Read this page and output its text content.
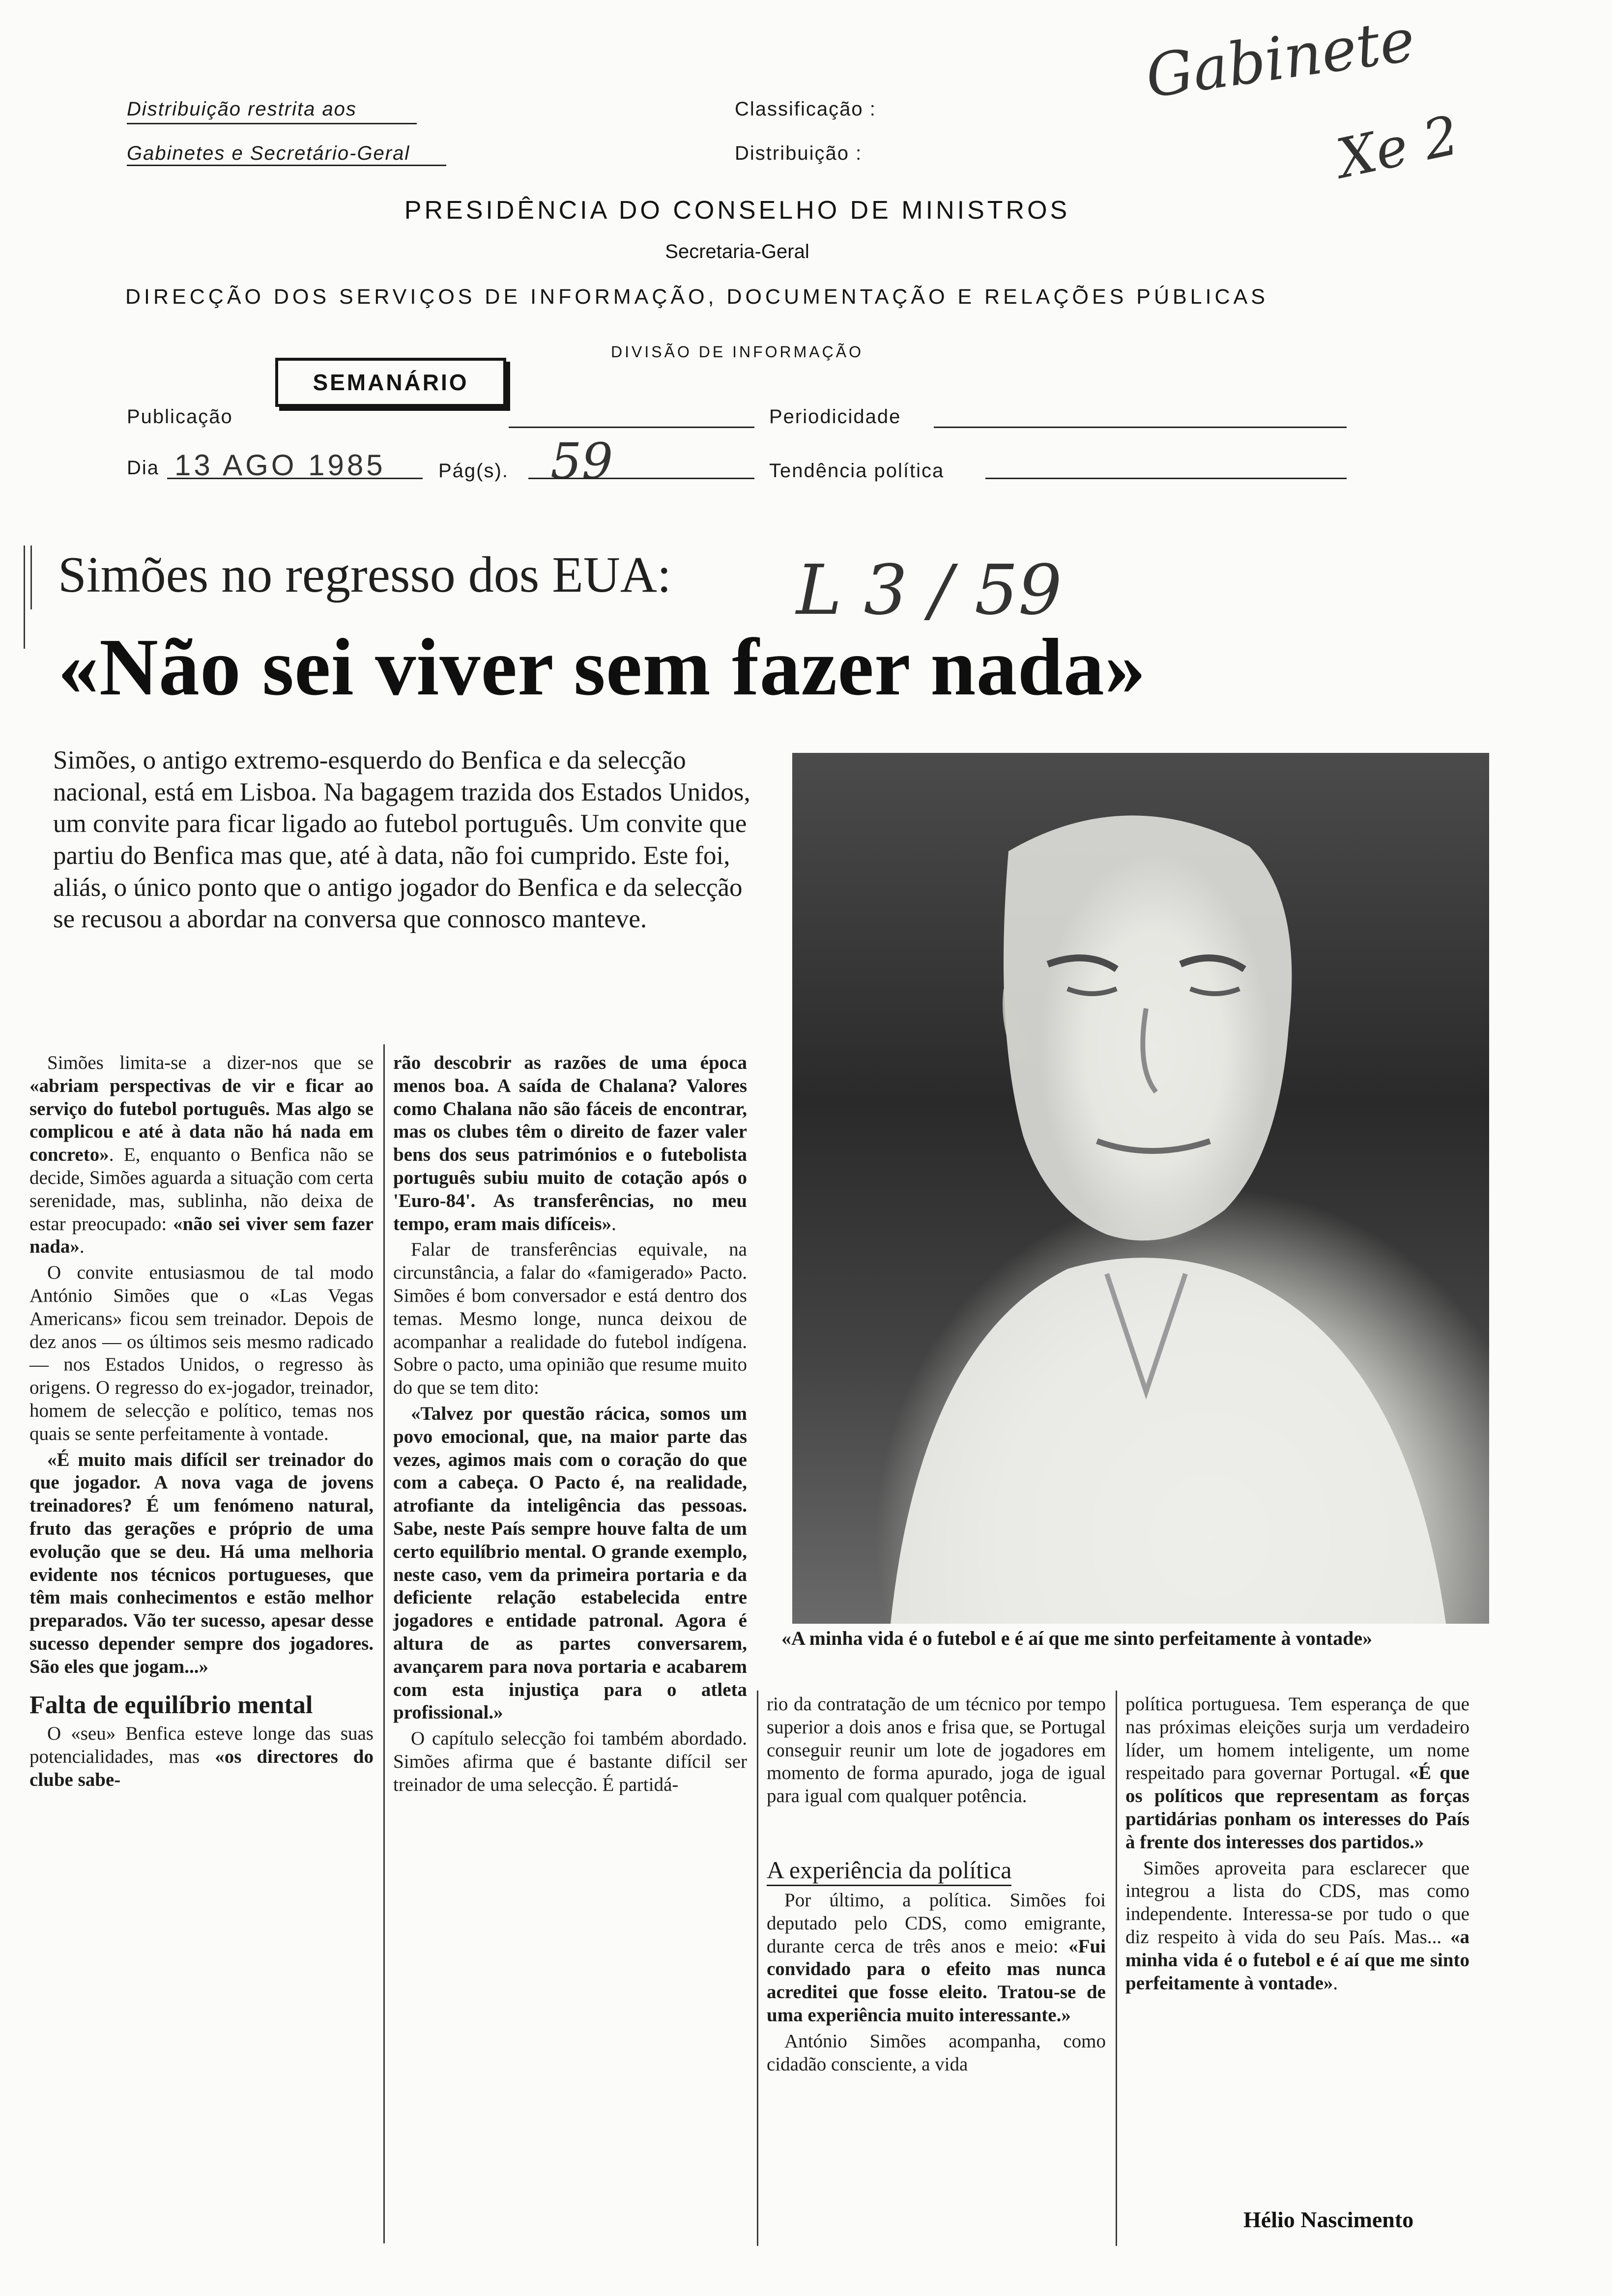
Distribuição restrita aos
Gabinetes e Secretário-Geral
Classificação :
Distribuição :
PRESIDÊNCIA DO CONSELHO DE MINISTROS
Secretaria-Geral
DIRECÇÃO DOS SERVIÇOS DE INFORMAÇÃO, DOCUMENTAÇÃO E RELAÇÕES PÚBLICAS
DIVISÃO DE INFORMAÇÃO
SEMANÁRIO
Publicação	Periodicidade
Dia 13 AGO 1985	Pág(s). 59	Tendência política
Gabinete
Xe 2
Simões no regresso dos EUA: L 3 / 59
«Não sei viver sem fazer nada»

Simões, o antigo extremo-esquerdo do Benfica e da selecção nacional, está em Lisboa. Na bagagem trazida dos Estados Unidos, um convite para ficar ligado ao futebol português. Um convite que partiu do Benfica mas que, até à data, não foi cumprido. Este foi, aliás, o único ponto que o antigo jogador do Benfica e da selecção se recusou a abordar na conversa que connosco manteve.

«A minha vida é o futebol e é aí que me sinto perfeitamente à vontade»

Simões limita-se a dizer-nos que se «abriam perspectivas de vir e ficar ao serviço do futebol português. Mas algo se complicou e até à data não há nada em concreto». E, enquanto o Benfica não se decide, Simões aguarda a situação com certa serenidade, mas, sublinha, não deixa de estar preocupado: «não sei viver sem fazer nada».

O convite entusiasmou de tal modo António Simões que o «Las Vegas Americans» ficou sem treinador. Depois de dez anos — os últimos seis mesmo radicado — nos Estados Unidos, o regresso às origens. O regresso do ex-jogador, treinador, homem de selecção e político, temas nos quais se sente perfeitamente à vontade.

«É muito mais difícil ser treinador do que jogador. A nova vaga de jovens treinadores? É um fenómeno natural, fruto das gerações e próprio de uma evolução que se deu. Há uma melhoria evidente nos técnicos portugueses, que têm mais conhecimentos e estão melhor preparados. Vão ter sucesso, apesar desse sucesso depender sempre dos jogadores. São eles que jogam...»

Falta de equilíbrio mental

O «seu» Benfica esteve longe das suas potencialidades, mas «os directores do clube sabe-

rão descobrir as razões de uma época menos boa. A saída de Chalana? Valores como Chalana não são fáceis de encontrar, mas os clubes têm o direito de fazer valer bens dos seus patrimónios e o futebolista português subiu muito de cotação após o 'Euro-84'. As transferências, no meu tempo, eram mais difíceis».

Falar de transferências equivale, na circunstância, a falar do «famigerado» Pacto. Simões é bom conversador e está dentro dos temas. Mesmo longe, nunca deixou de acompanhar a realidade do futebol indígena. Sobre o pacto, uma opinião que resume muito do que se tem dito:

«Talvez por questão rácica, somos um povo emocional, que, na maior parte das vezes, agimos mais com o coração do que com a cabeça. O Pacto é, na realidade, atrofiante da inteligência das pessoas. Sabe, neste País sempre houve falta de um certo equilíbrio mental. O grande exemplo, neste caso, vem da primeira portaria e da deficiente relação estabelecida entre jogadores e entidade patronal. Agora é altura de as partes conversarem, avançarem para nova portaria e acabarem com esta injustiça para o atleta profissional.»

O capítulo selecção foi também abordado. Simões afirma que é bastante difícil ser treinador de uma selecção. É partidá-

rio da contratação de um técnico por tempo superior a dois anos e frisa que, se Portugal conseguir reunir um lote de jogadores em momento de forma apurado, joga de igual para igual com qualquer potência.

A experiência da política

Por último, a política. Simões foi deputado pelo CDS, como emigrante, durante cerca de três anos e meio: «Fui convidado para o efeito mas nunca acreditei que fosse eleito. Tratou-se de uma experiência muito interessante.»

António Simões acompanha, como cidadão consciente, a vida

política portuguesa. Tem esperança de que nas próximas eleições surja um verdadeiro líder, um homem inteligente, um nome respeitado para governar Portugal. «É que os políticos que representam as forças partidárias ponham os interesses do País à frente dos interesses dos partidos.»

Simões aproveita para esclarecer que integrou a lista do CDS, mas como independente. Interessa-se por tudo o que diz respeito à vida do seu País. Mas... «a minha vida é o futebol e é aí que me sinto perfeitamente à vontade».

Hélio Nascimento
